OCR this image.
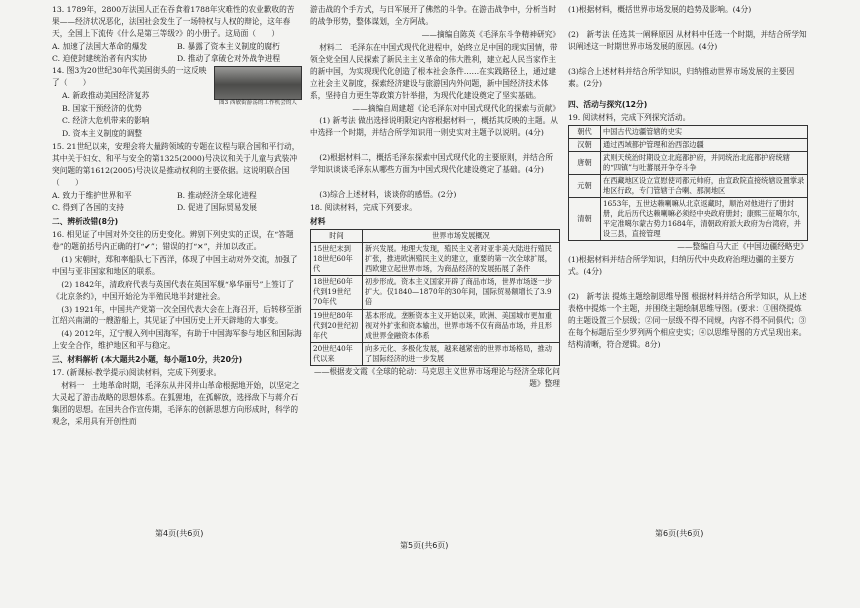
13. 1789年，2800万法国人正在吞食着1788年灾难性的农业歉收的苦果——经济状况恶化，法国社会发生了一场特权与人权的辩论，这年春天，全国上下流传《什么是第三等级?》的小册子。这局面（　　）

A. 加速了法国大革命的爆发	B. 暴露了资本主义制度的腐朽
C. 迫使封建统治者有内实协	D. 推动了拿破仑对外战争进程
图3 西敏街游荡的工作机会的人

14. 图3为20世纪30年代美国街头的一这反映了（　　）

A. 新政推动美国经济复苏

B. 国家干预经济的优势

C. 经济大危机带来的影响

D. 资本主义制度的调整

15. 21世纪以来，安理会将大量跨领域的专题在议程与联合国和平行动，其中关于妇女、和平与安全的第1325(2000)号决议和关于儿童与武装冲突问题的第1612(2005)号决议是推动权利的主要依据。这说明联合国（　　）

A. 致力于维护世界和平	B. 推动经济全球化进程
C. 得到了各国的支持	D. 促进了国际贸易发展

二、辨析改错(8分)

16. 相见证了中国对外交往的历史变化。辨别下列史实的正误，在“答题卷”的题前括号内正确的打“✔”；错误的打“✕”，并加以改正。

(1) 宋朝时，郑和率船队七下西洋，体现了中国主动对外交流，加强了中国与亚非国家和地区的联系。

(2) 1842年，清政府代表与英国代表在英国军舰“皋华丽号”上签订了《北京条约》，中国开始沦为半殖民地半封建社会。

(3) 1921年，中国共产党第一次全国代表大会在上海召开，后转移至浙江绍兴南湖的一艘游船上，其见证了中国历史上开天辟地的大事变。

(4) 2012年，辽宁舰入列中国海军，有助于中国海军参与地区和国际海上安全合作，维护地区和平与稳定。

三、材料解析 (本大题共2小题，每小题10分，共20分)

17. (新课标·教学提示)阅读材料，完成下列要求。

材料一　土地革命时期，毛泽东从井冈井山革命根据地开始，以坚定之大灵起了游击战略的思想体系。在狐狸地，在孤解放，选择敌下与蒋介石集团的思想。在国共合作宣传期，毛泽东的创新思想方向形成时，科学的观念，采用具有开创性而

第4页(共6页)

游击战的个手方式，与日军展开了佛然的斗争。在游击战争中，分析当时的战争形势，整体谋划，全方阿战。

——摘编自陈英《毛泽东斗争精神研究》

材料二　毛泽东在中国式现代化进程中，始终立足中国的现实国情，带领全党全国人民探索了新民主主义革命的伟大胜利，建立起人民当家作主的新中国，为实现现代化创造了根本社会条件……在实践路径上，通过建立社会主义制度，探索经济建设与旅游国内外问题，新中国经济技术体系，坚持自力更生等政策方针举措，为现代化建设奠定了坚实基础。

——摘编自周建超《论毛泽东对中国式现代化的探索与贡献》

(1) 新考法 做出选择说明限定内容根据材料一，概括其反映的主题。从中选择一个时期，并结合所学知识用一则史实对主题予以说明。(4分)

(2)根据材料二，概括毛泽东探索中国式现代化的主要原则，并结合所学知识谈谈毛泽东从哪些方面为中国式现代化建设奠定了基础。(4分)

(3)综合上述材料，谈谈你的感悟。(2分)

18. 阅读材料，完成下列要求。

材料

时间	世界市场发展概况
15世纪末到18世纪60年代	新兴发展。地理大发现，殖民主义者对亚非美大陆进行殖民扩张，推进欧洲殖民主义的建立，重要的第一次全球扩展，西欧建立起世界市场，为商品经济的发展拓展了条件
18世纪60年代到19世纪70年代	初步形成。资本主义国家开辟了商品市场，世界市场逐一步扩大。仅1840—1870年的30年间，国际贸易额增长了3.9倍
19世纪80年代到20世纪初年代	基本形成。垄断资本主义开始以来，欧洲、美国城市更加重视对外扩张和资本输出，世界市场不仅有商品市场，并且形成世界金融资本体系
20世纪40年代以来	向多元化、多极化发展，越来越紧密的世界市场格局，推动了国际经济的进一步发展

——根据麦文霞《全球的轮动：马克思主义世界市场理论与经济全球化问题》整理

第5页(共6页)

(1)根据材料，概括世界市场发展的趋势及影响。(4分)

(2)　新考法 任选其一阐释原因 从材料中任选一个时期，并结合所学知识阐述这一时期世界市场发展的原因。(4分)

(3)综合上述材料并结合所学知识，归纳推动世界市场发展的主要因素。(2分)

四、活动与探究(12分)

19. 阅读材料，完成下列探究活动。

朝代	中国古代边疆管辖的史实
汉朝	通过西域都护管理和治西部边疆
唐朝	武则天统治时期设立北庭都护府，并同统治北庭都护府统辖的“四镇”与吐蕃展开争夺斗争
元朝	在西藏地区设立宣慰使司都元帅府，由宣政院直接统辖设置掌录地区行政，专门管辖于合喇、那洞地区
清朝	1653年，五世达赖喇嘛从北京返藏时，顺治对他进行了册封册，此后历代达赖喇嘛必须经中央政府册封；康熙三征噶尔尔，平定准噶尔蒙古势力1684年，清朝政府派大政府为台湾府，并设三县，直接管理

——整编自马大正《中国边疆经略史》

(1)根据材料并结合所学知识，归纳历代中央政府治理边疆的主要方式。(4分)

(2)　新考法 提炼主题绘制思维导图 根据材料并结合所学知识，从上述表格中提炼一个主题，并围绕主题绘制思维导图。(要求：①围绕提炼的主题设置三个层级；②同一层级不得不同规，内容不得不同俱代；③在每个标题后至少罗列两个相应史实；④以思维导图的方式呈现出来。结构清晰，符合逻辑。8分)

第6页(共6页)
